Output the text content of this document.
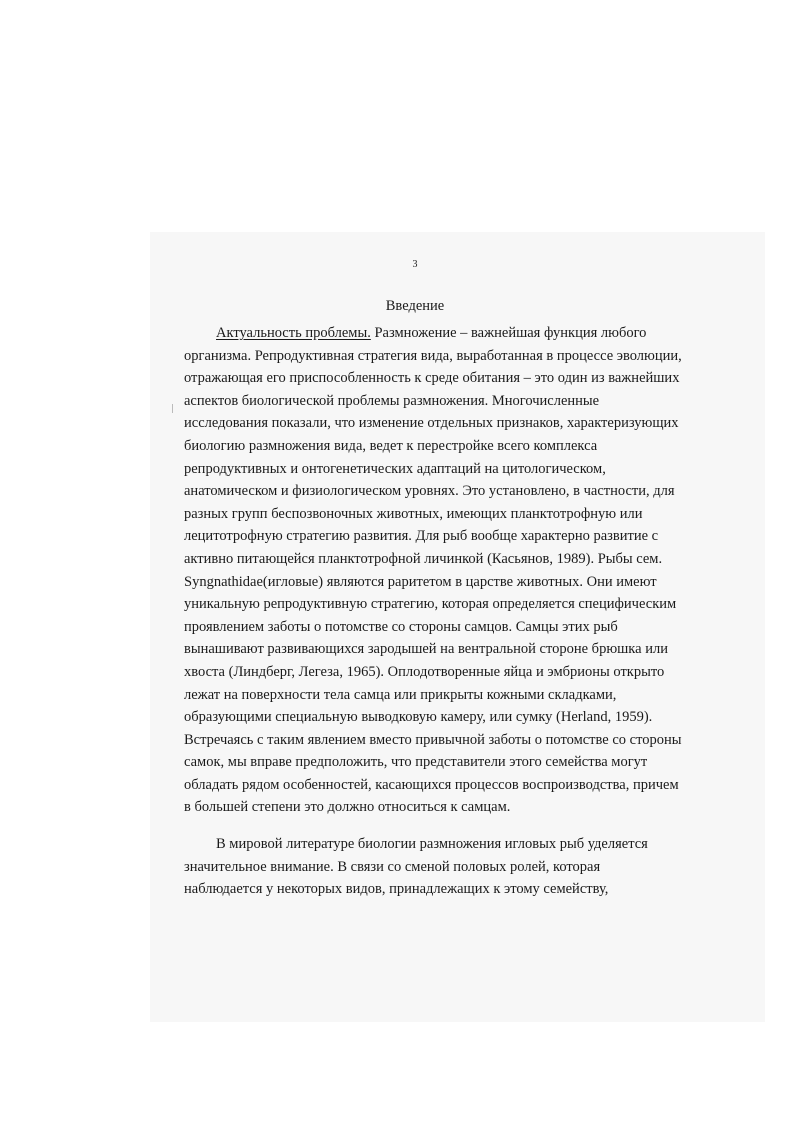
3
Введение
Актуальность проблемы. Размножение – важнейшая функция любого
организма. Репродуктивная стратегия вида, выработанная в процессе эволюции,
отражающая его приспособленность к среде обитания – это один из важнейших
аспектов биологической проблемы размножения. Многочисленные
исследования показали, что изменение отдельных признаков, характеризующих
биологию размножения вида, ведет к перестройке всего комплекса
репродуктивных и онтогенетических адаптаций на цитологическом,
анатомическом и физиологическом уровнях. Это установлено, в частности, для
разных групп беспозвоночных животных, имеющих планктотрофную или
лецитотрофную стратегию развития. Для рыб вообще характерно развитие с
активно питающейся планктотрофной личинкой (Касьянов, 1989). Рыбы сем.
Syngnathidae(игловые) являются раритетом в царстве животных. Они имеют
уникальную репродуктивную стратегию, которая определяется специфическим
проявлением заботы о потомстве со стороны самцов. Самцы этих рыб
вынашивают развивающихся зародышей на вентральной стороне брюшка или
хвоста (Линдберг, Легеза, 1965). Оплодотворенные яйца и эмбрионы открыто
лежат на поверхности тела самца или прикрыты кожными складками,
образующими специальную выводковую камеру, или сумку (Herland, 1959).
Встречаясь с таким явлением вместо привычной заботы о потомстве со стороны
самок, мы вправе предположить, что представители этого семейства могут
обладать рядом особенностей, касающихся процессов воспроизводства, причем
в большей степени это должно относиться к самцам.
В мировой литературе биологии размножения игловых рыб уделяется
значительное внимание. В связи со сменой половых ролей, которая
наблюдается у некоторых видов, принадлежащих к этому семейству,
